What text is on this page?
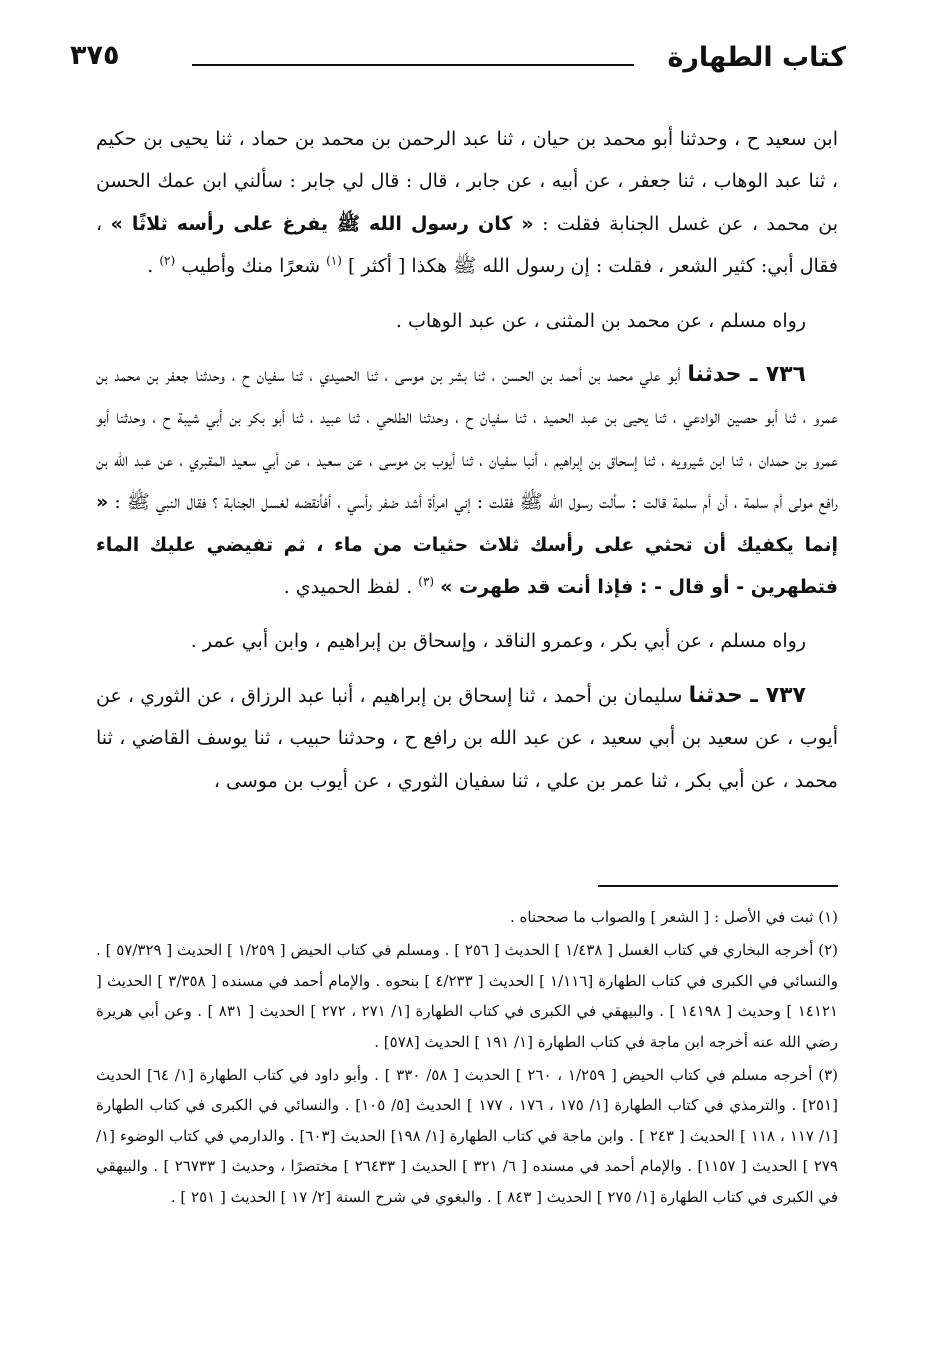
كتاب الطهارة
٣٧٥

ابن سعيد ح ، وحدثنا أبو محمد بن حيان ، ثنا عبد الرحمن بن محمد بن حماد ، ثنا يحيى بن حكيم ، ثنا عبد الوهاب ، ثنا جعفر ، عن أبيه ، عن جابر ، قال : قال لي جابر : سألني ابن عمك الحسن بن محمد ، عن غسل الجنابة فقلت : « كان رسول الله ﷺ يفرغ على رأسه ثلاثًا » ، فقال أبي: كثير الشعر ، فقلت : إن رسول الله ﷺ هكذا [ أكثر ] $^{(١)}$ شعرًا منك وأطيب $^{(٢)}$ .

رواه مسلم ، عن محمد بن المثنى ، عن عبد الوهاب .

٧٣٦ ـ حدثنا أبو علي محمد بن أحمد بن الحسن ، ثنا بشر بن موسى ، ثنا الحميدي ، ثنا سفيان ح ، وحدثنا جعفر بن محمد بن عمرو ، ثنا أبو حصين الوادعي ، ثنا يحيى بن عبد الحميد ، ثنا سفيان ح ، وحدثنا الطلحي ، ثنا عبيد ، ثنا أبو بكر بن أبي شيبة ح ، وحدثنا أبو عمرو بن حمدان ، ثنا ابن شيرويه ، ثنا إسحاق بن إبراهيم ، أنبا سفيان ، ثنا أيوب بن موسى ، عن سعيد ، عن أبي سعيد المقبري ، عن عبد الله بن رافع مولى أم سلمة ، أن أم سلمة قالت : سألت رسول الله ﷺ فقلت : إني امرأة أشد ضفر رأسي ، أفأنقضه لغسل الجنابة ؟ فقال النبي ﷺ : « إنما يكفيك أن تحثي على رأسك ثلاث حثيات من ماء ، ثم تفيضي عليك الماء فتطهرين - أو قال - : فإذا أنت قد طهرت » $^{(٣)}$ . لفظ الحميدي .

رواه مسلم ، عن أبي بكر ، وعمرو الناقد ، وإسحاق بن إبراهيم ، وابن أبي عمر .

٧٣٧ ـ حدثنا سليمان بن أحمد ، ثنا إسحاق بن إبراهيم ، أنبا عبد الرزاق ، عن الثوري ، عن أيوب ، عن سعيد بن أبي سعيد ، عن عبد الله بن رافع ح ، وحدثنا حبيب ، ثنا يوسف القاضي ، ثنا محمد ، عن أبي بكر ، ثنا عمر بن علي ، ثنا سفيان الثوري ، عن أيوب بن موسى ،

(١) ثبت في الأصل : [ الشعر ] والصواب ما صححناه .

(٢) أخرجه البخاري في كتاب الغسل [ ١/٤٣٨ ] الحديث [ ٢٥٦ ] . ومسلم في كتاب الحيض [ ١/٢٥٩ ] الحديث [ ٥٧/٣٢٩ ] . والنسائي في الكبرى في كتاب الطهارة [١/١١٦ ] الحديث [ ٤/٢٣٣ ] بنحوه . والإمام أحمد في مسنده [ ٣/٣٥٨ ] الحديث [ ١٤١٢١ ] وحديث [ ١٤١٩٨ ] . والبيهقي في الكبرى في كتاب الطهارة [١/ ٢٧١ ، ٢٧٢ ] الحديث [ ٨٣١ ] . وعن أبي هريرة رضي الله عنه أخرجه ابن ماجة في كتاب الطهارة [١/ ١٩١ ] الحديث [٥٧٨] .

(٣) أخرجه مسلم في كتاب الحيض [ ١/٢٥٩ ، ٢٦٠ ] الحديث [ ٥٨/ ٣٣٠ ] . وأبو داود في كتاب الطهارة [١/ ٦٤] الحديث [٢٥١] . والترمذي في كتاب الطهارة [١/ ١٧٥ ، ١٧٦ ، ١٧٧ ] الحديث [٥/ ١٠٥] . والنسائي في الكبرى في كتاب الطهارة [١/ ١١٧ ، ١١٨ ] الحديث [ ٢٤٣ ] . وابن ماجة في كتاب الطهارة [١/ ١٩٨] الحديث [٦٠٣] . والدارمي في كتاب الوضوء [١/ ٢٧٩ ] الحديث [ ١١٥٧] . والإمام أحمد في مسنده [ ٦/ ٣٢١ ] الحديث [ ٢٦٤٣٣ ] مختصرًا ، وحديث [ ٢٦٧٣٣ ] . والبيهقي في الكبرى في كتاب الطهارة [١/ ٢٧٥ ] الحديث [ ٨٤٣ ] . والبغوي في شرح السنة [٢/ ١٧ ] الحديث [ ٢٥١ ] .
